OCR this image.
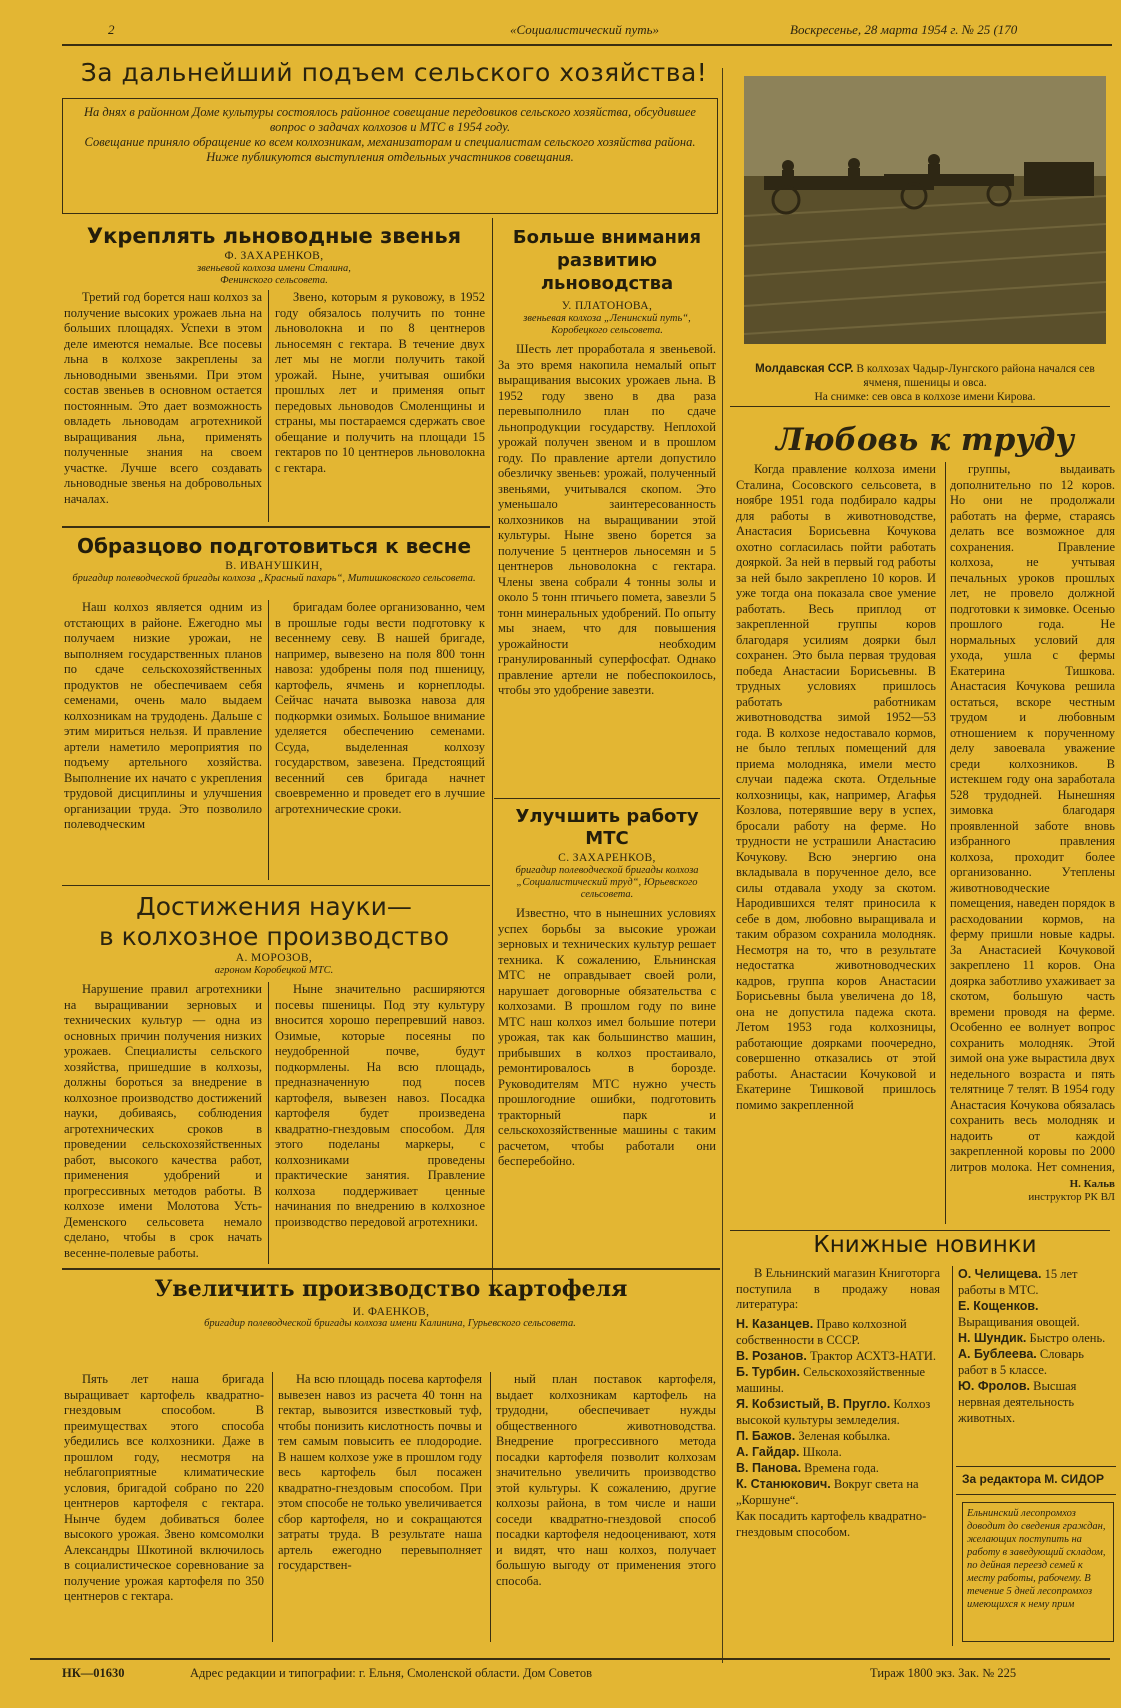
2	«Социалистический путь»	Воскресенье, 28 марта 1954 г. № 25 (170
За дальнейший подъем сельского хозяйства!
На днях в районном Доме культуры состоялось районное совещание передовиков сельского хозяйства, обсудившее вопрос о задачах колхозов и МТС в 1954 году.
Совещание приняло обращение ко всем колхозникам, механизаторам и специалистам сельского хозяйства района.
Ниже публикуются выступления отдельных участников совещания.
Укреплять льноводные звенья
Ф. ЗАХАРЕНКОВ,
звеньевой колхоза имени Сталина, Фенинского сельсовета.

Третий год борется наш колхоз за получение высоких урожаев льна на больших площадях. Успехи в этом деле имеются немалые. Все посевы льна в колхозе закреплены за льноводными звеньями. При этом состав звеньев в основном остается постоянным. Это дает возможность овладеть льноводам агротехникой выращивания льна, применять полученные знания на своем участке. Лучше всего создавать льноводные звенья на добровольных началах.

Звено, которым я руковожу, в 1952 году обязалось получить по тонне льноволокна и по 8 центнеров льносемян с гектара. В течение двух лет мы не могли получить такой урожай. Ныне, учитывая ошибки прошлых лет и применяя опыт передовых льноводов Смоленщины и страны, мы постараемся сдержать свое обещание и получить на площади 15 гектаров по 10 центнеров льноволокна с гектара.

Образцово подготовиться к весне
В. ИВАНУШКИН,
бригадир полеводческой бригады колхоза „Красный пахарь“, Митишковского сельсовета.

Наш колхоз является одним из отстающих в районе. Ежегодно мы получаем низкие урожаи, не выполняем государственных планов по сдаче сельскохозяйственных продуктов не обеспечиваем себя семенами, очень мало выдаем колхозникам на трудодень. Дальше с этим мириться нельзя. И правление артели наметило мероприятия по подъему артельного хозяйства. Выполнение их начато с укрепления трудовой дисциплины и улучшения организации труда. Это позволило полеводческим

бригадам более организованно, чем в прошлые годы вести подготовку к весеннему севу. В нашей бригаде, например, вывезено на поля 800 тонн навоза: удобрены поля под пшеницу, картофель, ячмень и корнеплоды. Сейчас начата вывозка навоза для подкормки озимых. Большое внимание уделяется обеспечению семенами. Ссуда, выделенная колхозу государством, завезена. Предстоящий весенний сев бригада начнет своевременно и проведет его в лучшие агротехнические сроки.

Достижения науки—
в колхозное производство
А. МОРОЗОВ,
агроном Коробецкой МТС.

Нарушение правил агротехники на выращивании зерновых и технических культур — одна из основных причин получения низких урожаев. Специалисты сельского хозяйства, пришедшие в колхозы, должны бороться за внедрение в колхозное производство достижений науки, добиваясь, соблюдения агротехнических сроков в проведении сельскохозяйственных работ, высокого качества работ, применения удобрений и прогрессивных методов работы. В колхозе имени Молотова Усть-Деменского сельсовета немало сделано, чтобы в срок начать весенне-полевые работы.

Ныне значительно расширяются посевы пшеницы. Под эту культуру вносится хорошо перепревший навоз. Озимые, которые посеяны по неудобренной почве, будут подкормлены. На всю площадь, предназначенную под посев картофеля, вывезен навоз. Посадка картофеля будет произведена квадратно-гнездовым способом. Для этого поделаны маркеры, с колхозниками проведены практические занятия. Правление колхоза поддерживает ценные начинания по внедрению в колхозное производство передовой агротехники.

Больше внимания
развитию
льноводства
У. ПЛАТОНОВА,
звеньевая колхоза „Ленинский путь“, Коробецкого сельсовета.

Шесть лет проработала я звеньевой. За это время накопила немалый опыт выращивания высоких урожаев льна. В 1952 году звено в два раза перевыполнило план по сдаче льнопродукции государству. Неплохой урожай получен звеном и в прошлом году. По правление артели допустило обезличку звеньев: урожай, полученный звеньями, учитывался скопом. Это уменьшало заинтересованность колхозников на выращивании этой культуры. Ныне звено борется за получение 5 центнеров льносемян и 5 центнеров льноволокна с гектара. Члены звена собрали 4 тонны золы и около 5 тонн птичьего помета, завезли 5 тонн минеральных удобрений. По опыту мы знаем, что для повышения урожайности необходим гранулированный суперфосфат. Однако правление артели не побеспокоилось, чтобы это удобрение завезти.

Улучшить работу
МТС
С. ЗАХАРЕНКОВ,
бригадир полеводческой бригады колхоза „Социалистический труд“, Юрьевского сельсовета.

Известно, что в нынешних условиях успех борьбы за высокие урожаи зерновых и технических культур решает техника. К сожалению, Ельнинская МТС не оправдывает своей роли, нарушает договорные обязательства с колхозами. В прошлом году по вине МТС наш колхоз имел большие потери урожая, так как большинство машин, прибывших в колхоз простаивало, ремонтировалось в борозде. Руководителям МТС нужно учесть прошлогодние ошибки, подготовить тракторный парк и сельскохозяйственные машины с таким расчетом, чтобы работали они бесперебойно.

Увеличить производство картофеля
И. ФАЕНКОВ,
бригадир полеводческой бригады колхоза имени Калинина, Гурьевского сельсовета.

Пять лет наша бригада выращивает картофель квадратно-гнездовым способом. В преимуществах этого способа убедились все колхозники. Даже в прошлом году, несмотря на неблагоприятные климатические условия, бригадой собрано по 220 центнеров картофеля с гектара. Нынче будем добиваться более высокого урожая. Звено комсомолки Александры Шкотиной включилось в социалистическое соревнование за получение урожая картофеля по 350 центнеров с гектара.

На всю площадь посева картофеля вывезен навоз из расчета 40 тонн на гектар, вывозится известковый туф, чтобы понизить кислотность почвы и тем самым повысить ее плодородие. В нашем колхозе уже в прошлом году весь картофель был посажен квадратно-гнездовым способом. При этом способе не только увеличивается сбор картофеля, но и сокращаются затраты труда. В результате наша артель ежегодно перевыполняет государствен-

ный план поставок картофеля, выдает колхозникам картофель на трудодни, обеспечивает нужды общественного животноводства. Внедрение прогрессивного метода посадки картофеля позволит колхозам значительно увеличить производство этой культуры. К сожалению, другие колхозы района, в том числе и наши соседи квадратно-гнездовой способ посадки картофеля недооценивают, хотя и видят, что наш колхоз, получает большую выгоду от применения этого способа.

Молдавская ССР. В колхозах Чадыр-Лунгского района начался сев ячменя, пшеницы и овса.
На снимке: сев овса в колхозе имени Кирова.
Любовь к труду

Когда правление колхоза имени Сталина, Сосовского сельсовета, в ноябре 1951 года подбирало кадры для работы в животноводстве, Анастасия Борисьевна Кочукова охотно согласилась пойти работать дояркой. За ней в первый год работы за ней было закреплено 10 коров. И уже тогда она показала свое умение работать. Весь приплод от закрепленной группы коров благодаря усилиям доярки был сохранен. Это была первая трудовая победа Анастасии Борисьевны. В трудных условиях пришлось работать работникам животноводства зимой 1952—53 года. В колхозе недоставало кормов, не было теплых помещений для приема молодняка, имели место случаи падежа скота. Отдельные колхозницы, как, например, Агафья Козлова, потерявшие веру в успех, бросали работу на ферме. Но трудности не устрашили Анастасию Кочукову. Всю энергию она вкладывала в порученное дело, все силы отдавала уходу за скотом. Народившихся телят приносила к себе в дом, любовно выращивала и таким образом сохранила молодняк. Несмотря на то, что в результате недостатка животноводческих кадров, группа коров Анастасии Борисьевны была увеличена до 18, она не допустила падежа скота. Летом 1953 года колхозницы, работающие доярками поочередно, совершенно отказались от этой работы. Анастасии Кочуковой и Екатерине Тишковой пришлось помимо закрепленной

группы, выдаивать дополнительно по 12 коров. Но они не продолжали работать на ферме, стараясь делать все возможное для сохранения. Правление колхоза, не учтывая печальных уроков прошлых лет, не провело должной подготовки к зимовке. Осенью прошлого года. Не нормальных условий для ухода, ушла с фермы Екатерина Тишкова. Анастасия Кочукова решила остаться, вскоре честным трудом и любовным отношением к порученному делу завоевала уважение среди колхозников. В истекшем году она заработала 528 трудодней. Нынешняя зимовка благодаря проявленной заботе вновь избранного правления колхоза, проходит более организованно. Утеплены животноводческие помещения, наведен порядок в расходовании кормов, на ферму пришли новые кадры. За Анастасией Кочуковой закреплено 11 коров. Она доярка заботливо ухаживает за скотом, большую часть времени проводя на ферме. Особенно ее волнует вопрос сохранить молодняк. Этой зимой она уже вырастила двух недельного возраста и пять телятнице 7 телят. В 1954 году Анастасия Кочукова обязалась сохранить весь молодняк и надоить от каждой закрепленной коровы по 2000 литров молока. Нет сомнения,

Н. Кальв
инструктор РК ВЛ
Книжные новинки

В Ельнинский магазин Книготорга поступила в продажу новая литература:

Н. Казанцев. Право колхозной собственности в СССР.
В. Розанов. Трактор АСХТЗ-НАТИ.
Б. Турбин. Сельскохозяйственные машины.
Я. Кобзистый, В. Пругло. Колхоз высокой культуры земледелия.
П. Бажов. Зеленая кобылка.
А. Гайдар. Школа.
В. Панова. Времена года.
К. Станюкович. Вокруг света на „Коршуне“.
Как посадить картофель квадратно-гнездовым способом.
О. Челищева. 15 лет работы в МТС.
Е. Кощенков. Выращивания овощей.
Н. Шундик. Быстро олень.
А. Бублеева. Словарь работ в 5 классе.
Ю. Фролов. Высшая нервная деятельность животных.
За редактора М. СИДОР
Ельнинский лесопромхоз доводит до сведения граждан, желающих поступить на работу в заведующий складом, по дейная переезд семей к месту работы, рабочему. В течение 5 дней лесопромхоз имеющихся к нему прим
НК—01630	Адрес редакции и типографии: г. Ельня, Смоленской области. Дом Советов	Тираж 1800 экз. Зак. № 225
